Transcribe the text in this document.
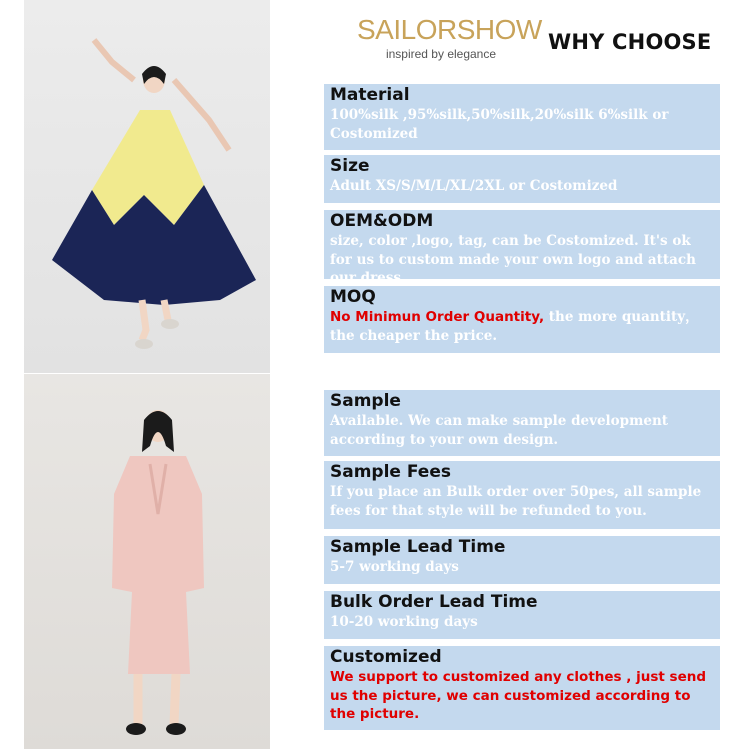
SAILORSHOW
inspired by elegance	WHY CHOOSE
Material

100%silk ,95%silk,50%silk,20%silk 6%silk or Costomized

Size

Adult XS/S/M/L/XL/2XL or Costomized

OEM&ODM

size, color ,logo, tag, can be Costomized. It's ok for us to custom made your own logo and attach our dress.

MOQ

No Minimun Order Quantity, the more quantity，the cheaper the price.

Sample

Available. We can make sample development according to your own design.

Sample Fees

If you place an Bulk order over 50pes, all sample fees for that style will be refunded to you.

Sample Lead Time

5-7 working days

Bulk Order Lead Time

10-20 working days

Customized

We support to customized any clothes , just send us the picture, we can customized according to the picture.
